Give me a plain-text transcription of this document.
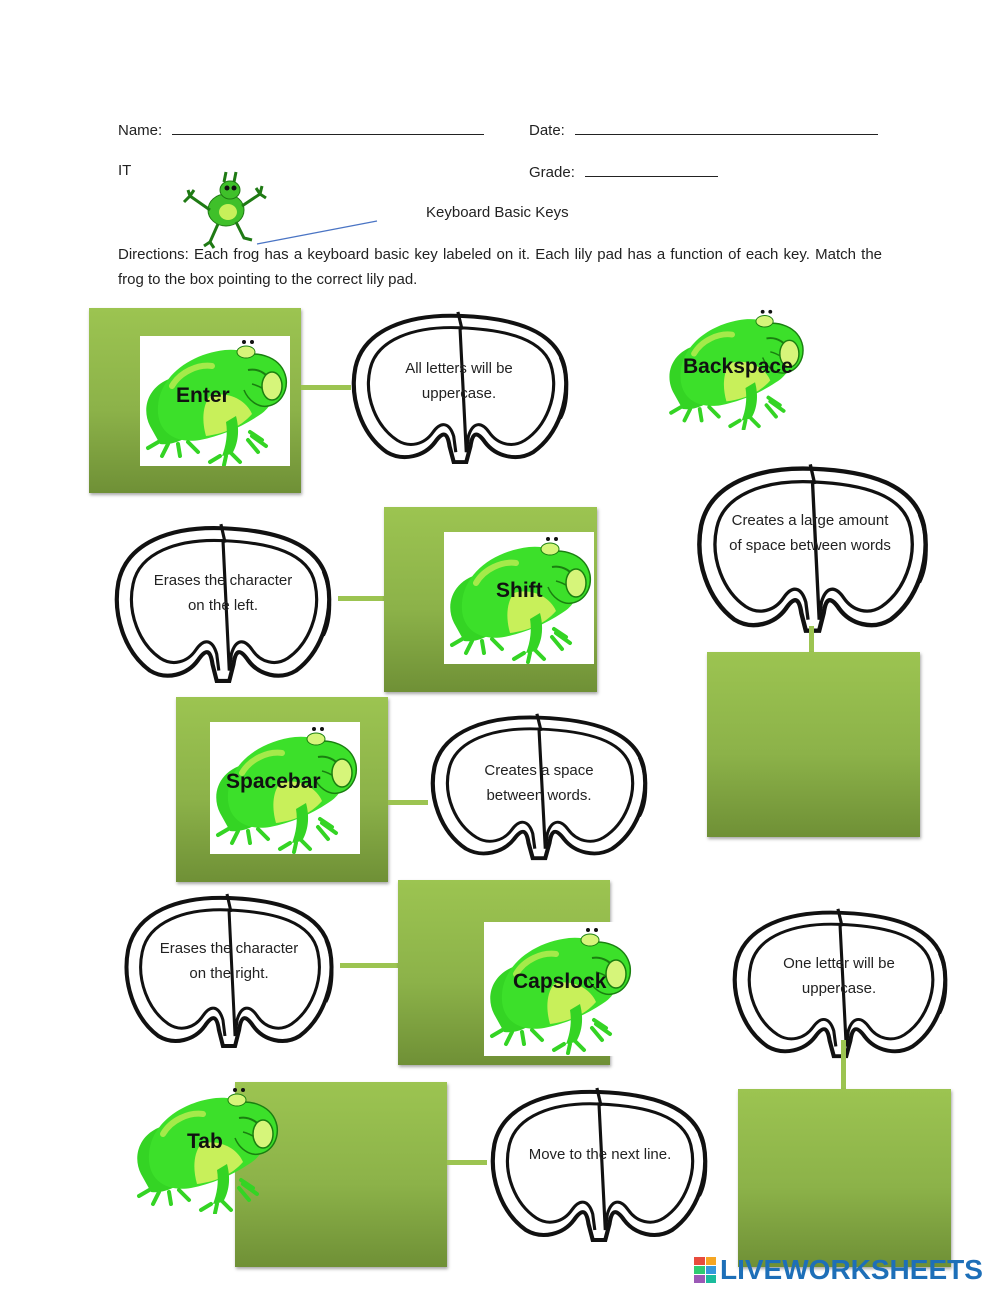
Name:	Date:
IT	Grade:
Keyboard Basic Keys
Directions: Each frog has a keyboard basic key labeled on it. Each lily pad has a function of each key. Match the frog to the box pointing to the correct lily pad.
Enter
All letters will be
uppercase.
Backspace
Erases the character
on the left.
Shift
Creates a large amount
of space between words
Spacebar	Creates a space
between words.
Erases the character
on the right.	Capslock
One letter will be
uppercase.
Tab
Move to the next line.
LIVEWORKSHEETS
